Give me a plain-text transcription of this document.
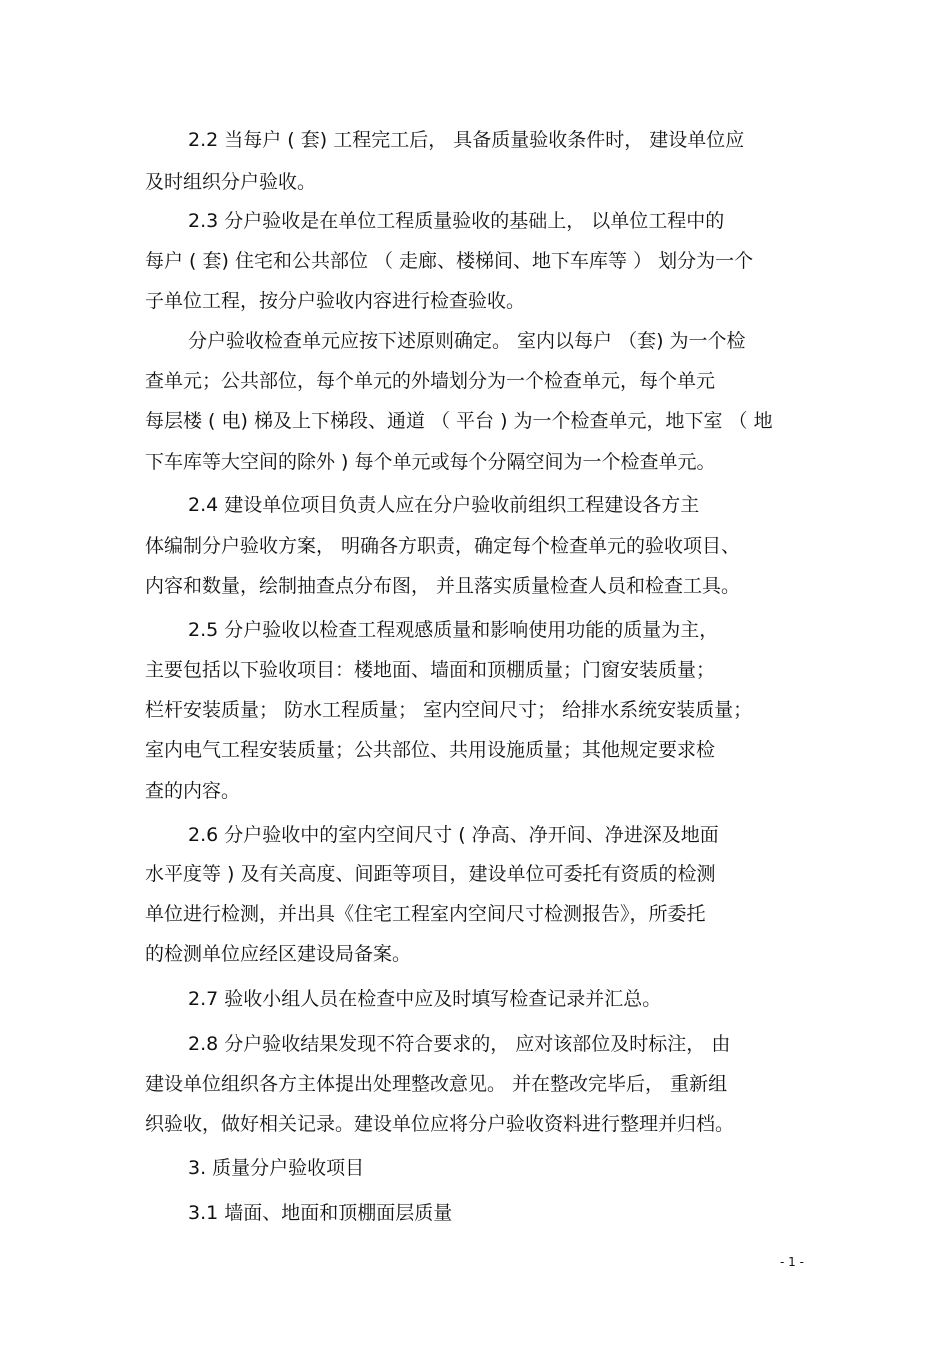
2.2 当每户 ( 套) 工程完工后， 具备质量验收条件时， 建设单位应
及时组织分户验收。
2.3 分户验收是在单位工程质量验收的基础上， 以单位工程中的
每户 ( 套) 住宅和公共部位 （ 走廊、楼梯间、地下车库等 ） 划分为一个
子单位工程，按分户验收内容进行检查验收。
分户验收检查单元应按下述原则确定。 室内以每户 （套) 为一个检
查单元；公共部位，每个单元的外墙划分为一个检查单元，每个单元
每层楼 ( 电) 梯及上下梯段、通道 （ 平台 ) 为一个检查单元，地下室 （ 地
下车库等大空间的除外 ) 每个单元或每个分隔空间为一个检查单元。
2.4 建设单位项目负责人应在分户验收前组织工程建设各方主
体编制分户验收方案， 明确各方职责，确定每个检查单元的验收项目、
内容和数量，绘制抽查点分布图， 并且落实质量检查人员和检查工具。
2.5 分户验收以检查工程观感质量和影响使用功能的质量为主，
主要包括以下验收项目：楼地面、墙面和顶棚质量；门窗安装质量；
栏杆安装质量； 防水工程质量； 室内空间尺寸； 给排水系统安装质量；
室内电气工程安装质量；公共部位、共用设施质量；其他规定要求检
查的内容。
2.6 分户验收中的室内空间尺寸 ( 净高、净开间、净进深及地面
水平度等 ) 及有关高度、间距等项目，建设单位可委托有资质的检测
单位进行检测，并出具《住宅工程室内空间尺寸检测报告》，所委托
的检测单位应经区建设局备案。
2.7 验收小组人员在检查中应及时填写检查记录并汇总。
2.8 分户验收结果发现不符合要求的， 应对该部位及时标注， 由
建设单位组织各方主体提出处理整改意见。 并在整改完毕后， 重新组
织验收，做好相关记录。建设单位应将分户验收资料进行整理并归档。
3. 质量分户验收项目
3.1 墙面、地面和顶棚面层质量
- 1 -
